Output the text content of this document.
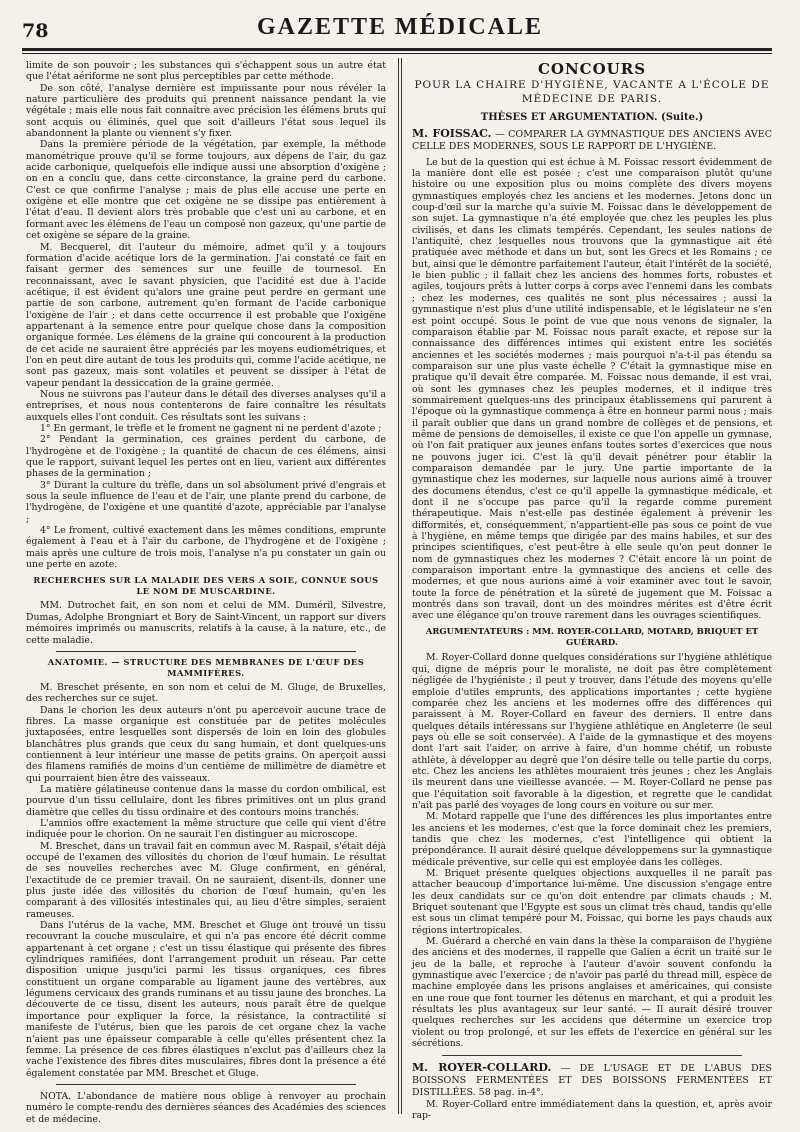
78	GAZETTE MÉDICALE

limite de son pouvoir ; les substances qui s'échappent sous un autre état que l'état aériforme ne sont plus perceptibles par cette méthode.

De son côté, l'analyse dernière est impuissante pour nous révéler la nature particulière des produits qui prennent naissance pendant la vie végétale ; mais elle nous fait connaître avec précision les élémens bruts qui sont acquis ou éliminés, quel que soit d'ailleurs l'état sous lequel ils abandonnent la plante ou viennent s'y fixer.

Dans la première période de la végétation, par exemple, la méthode manométrique prouve qu'il se forme toujours, aux dépens de l'air, du gaz acide carbonique, quelquefois elle indique aussi une absorption d'oxigène ; on en a conclu que, dans cette circonstance, la graine perd du carbone. C'est ce que confirme l'analyse ; mais de plus elle accuse une perte en oxigène et elle montre que cet oxigène ne se dissipe pas entièrement à l'état d'eau. Il devient alors très probable que c'est uni au carbone, et en formant avec les élémens de l'eau un composé non gazeux, qu'une partie de cet oxigène se sépare de la graine.

M. Becquerel, dit l'auteur du mémoire, admet qu'il y a toujours formation d'acide acétique lors de la germination. J'ai constaté ce fait en faisant germer des semences sur une feuille de tournesol. En reconnaissant, avec le savant physicien, que l'acidité est due à l'acide acétique, il est évident qu'alors une graine peut perdre en germant une partie de son carbone, autrement qu'en formant de l'acide carbonique l'oxigène de l'air ; et dans cette occurrence il est probable que l'oxigène appartenant à la semence entre pour quelque chose dans la composition organique formée. Les élémens de la graine qui concourent à la production de cet acide ne sauraient être appréciés par les moyens eudiométriques, et l'on en peut dire autant de tous les produits qui, comme l'acide acétique, ne sont pas gazeux, mais sont volatiles et peuvent se dissiper à l'état de vapeur pendant la dessiccation de la graine germée.

Nous ne suivrons pas l'auteur dans le détail des diverses analyses qu'il a entreprises, et nous nous contenterons de faire connaître les résultats auxquels elles l'ont conduit. Ces résultats sont les suivans :

1° En germant, le trèfle et le froment ne gagnent ni ne perdent d'azote ;

2° Pendant la germination, ces graines perdent du carbone, de l'hydrogène et de l'oxigène ; la quantité de chacun de ces élémens, ainsi que le rapport, suivant lequel les pertes ont en lieu, varient aux différentes phases de la germination ;

3° Durant la culture du trèfle, dans un sol absolument privé d'engrais et sous la seule influence de l'eau et de l'air, une plante prend du carbone, de l'hydrogène, de l'oxigène et une quantité d'azote, appréciable par l'analyse ;

4° Le froment, cultivé exactement dans les mêmes conditions, emprunte également à l'eau et à l'air du carbone, de l'hydrogène et de l'oxigène ; mais après une culture de trois mois, l'analyse n'a pu constater un gain ou une perte en azote.

RECHERCHES SUR LA MALADIE DES VERS A SOIE, CONNUE SOUS LE NOM DE MUSCARDINE.

MM. Dutrochet fait, en son nom et celui de MM. Duméril, Silvestre, Dumas, Adolphe Brongniart et Bory de Saint-Vincent, un rapport sur divers mémoires imprimés ou manuscrits, relatifs à la cause, à la nature, etc., de cette maladie.

ANATOMIE. — STRUCTURE DES MEMBRANES DE L'ŒUF DES MAMMIFÈRES.

M. Breschet présente, en son nom et celui de M. Gluge, de Bruxelles, des recherches sur ce sujet.

Dans le chorion les deux auteurs n'ont pu apercevoir aucune trace de fibres. La masse organique est constituée par de petites molécules juxtaposées, entre lesquelles sont dispersés de loin en loin des globules blanchâtres plus grands que ceux du sang humain, et dont quelques-uns contiennent à leur intérieur une masse de petits grains. On aperçoit aussi des filamens ramifiés de moins d'un centième de millimètre de diamètre et qui pourraient bien être des vaisseaux.

La matière gélatineuse contenue dans la masse du cordon ombilical, est pourvue d'un tissu cellulaire, dont les fibres primitives ont un plus grand diamètre que celles du tissu ordinaire et des contours moins tranchés.

L'amnios offre exactement la même structure que celle qui vient d'être indiquée pour le chorion. On ne saurait l'en distinguer au microscope.

M. Breschet, dans un travail fait en commun avec M. Raspail, s'était déjà occupé de l'examen des villosités du chorion de l'œuf humain. Le résultat de ses nouvelles recherches avec M. Gluge confirment, en général, l'exactitude de ce premier travail. On ne sauraient, disent-ils, donner une plus juste idée des villosités du chorion de l'œuf humain, qu'en les comparant à des villosités intestinales qui, au lieu d'être simples, seraient rameuses.

Dans l'utérus de la vache, MM. Breschet et Gluge ont trouvé un tissu recouvrant la couche musculaire, et qui n'a pas encore été décrit comme appartenant à cet organe ; c'est un tissu élastique qui présente des fibres cylindriques ramifiées, dont l'arrangement produit un réseau. Par cette disposition unique jusqu'ici parmi les tissus organiques, ces fibres constituent un organe comparable au ligament jaune des vertèbres, aux légumens cervicaux des grands ruminans et au tissu jaune des bronches. La découverte de ce tissu, disent les auteurs, nous paraît être de quelque importance pour expliquer la force, la résistance, la contractilité si manifeste de l'utérus, bien que les parois de cet organe chez la vache n'aient pas une épaisseur comparable à celle qu'elles présentent chez la femme. La présence de ces fibres élastiques n'exclut pas d'ailleurs chez la vache l'existence des fibres dites musculaires, fibres dont la présence a été également constatée par MM. Breschet et Gluge.

NOTA. L'abondance de matière nous oblige à renvoyer au prochain numéro le compte-rendu des dernières séances des Académies des sciences et de médecine.

CONCOURS
POUR LA CHAIRE D'HYGIÈNE, VACANTE A L'ÉCOLE DE MÉDECINE DE PARIS.
THÈSES ET ARGUMENTATION. (Suite.)
M. FOISSAC. — COMPARER LA GYMNASTIQUE DES ANCIENS AVEC CELLE DES MODERNES, SOUS LE RAPPORT DE L'HYGIÈNE.

Le but de la question qui est échue à M. Foissac ressort évidemment de la manière dont elle est posée ; c'est une comparaison plutôt qu'une histoire ou une exposition plus ou moins complète des divers moyens gymnastiques employés chez les anciens et les modernes. Jetons donc un coup-d'œil sur la marche qu'a suivie M. Foissac dans le développement de son sujet. La gymnastique n'a été employée que chez les peuples les plus civilisés, et dans les climats tempérés. Cependant, les seules nations de l'antiquité, chez lesquelles nous trouvons que la gymnastique ait été pratiquée avec méthode et dans un but, sont les Grecs et les Romains ; ce but, ainsi que le démontre parfaitement l'auteur, était l'intérêt de la société, le bien public ; il fallait chez les anciens des hommes forts, robustes et agiles, toujours prêts à lutter corps à corps avec l'ennemi dans les combats ; chez les modernes, ces qualités ne sont plus nécessaires ; aussi la gymnastique n'est plus d'une utilité indispensable, et le législateur ne s'en est point occupé. Sous le point de vue que nous venons de signaler, la comparaison établie par M. Foissac nous paraît exacte, et repose sur la connaissance des différences intimes qui existent entre les sociétés anciennes et les sociétés modernes ; mais pourquoi n'a-t-il pas étendu sa comparaison sur une plus vaste échelle ? C'était la gymnastique mise en pratique qu'il devait être comparée. M. Foissac nous demande, il est vrai, où sont les gymnases chez les peuples modernes, et il indique très sommairement quelques-uns des principaux établissemens qui parurent à l'époque où la gymnastique commença à être en honneur parmi nous ; mais il paraît oublier que dans un grand nombre de collèges et de pensions, et même de pensions de demoiselles, il existe ce que l'on appelle un gymnase, où l'on fait pratiquer aux jeunes enfans toutes sortes d'exercices que nous ne pouvons juger ici. C'est là qu'il devait pénétrer pour établir la comparaison demandée par le jury. Une partie importante de la gymnastique chez les modernes, sur laquelle nous aurions aimé à trouver des documens étendus, c'est ce qu'il appelle la gymnastique médicale, et dont il ne s'occupe pas parce qu'il la regarde comme purement thérapeutique. Mais n'est-elle pas destinée également à prévenir les difformités, et, conséquemment, n'appartient-elle pas sous ce point de vue à l'hygiène, en même temps que dirigée par des mains habiles, et sur des principes scientifiques, c'est peut-être à elle seule qu'on peut donner le nom de gymnastiques chez les modernes ? C'était encore là un point de comparaison important entre la gymnastique des anciens et celle des modernes, et que nous aurions aimé à voir examiner avec tout le savoir, toute la force de pénétration et la sûreté de jugement que M. Foissac a montrés dans son travail, dont un des moindres mérites est d'être écrit avec une élégance qu'on trouve rarement dans les ouvrages scientifiques.

ARGUMENTATEURS : MM. ROYER-COLLARD, MOTARD, BRIQUET ET GUÉRARD.

M. Royer-Collard donne quelques considérations sur l'hygiène athlétique qui, digne de mépris pour le moraliste, ne doit pas être complètement négligée de l'hygiéniste ; il peut y trouver, dans l'étude des moyens qu'elle emploie d'utiles emprunts, des applications importantes ; cette hygiène comparée chez les anciens et les modernes offre des différences qui paraissent à M. Royer-Collard en faveur des derniers. Il entre dans quelques détails intéressans sur l'hygiène athlétique en Angleterre (le seul pays où elle se soit conservée). A l'aide de la gymnastique et des moyens dont l'art sait l'aider, on arrive à faire, d'un homme chétif, un robuste athlète, à développer au degré que l'on désire telle ou telle partie du corps, etc. Chez les anciens les athlètes mouraient très jeunes ; chez les Anglais ils meurent dans une vieillesse avancée. — M. Royer-Collard ne pense pas que l'équitation soit favorable à la digestion, et regrette que le candidat n'ait pas parlé des voyages de long cours en voiture ou sur mer.

M. Motard rappelle que l'une des différences les plus importantes entre les anciens et les modernes, c'est que la force dominait chez les premiers, tandis que chez les modernes, c'est l'intelligence qui obtient la prépondérance. Il aurait désiré quelque développemens sur la gymnastique médicale préventive, sur celle qui est employée dans les collèges.

M. Briquet présente quelques objections auxquelles il ne paraît pas attacher beaucoup d'importance lui-même. Une discussion s'engage entre les deux candidats sur ce qu'on doit entendre par climats chauds ; M. Briquet soutenant que l'Egypte est sous un climat très chaud, tandis qu'elle est sous un climat tempéré pour M. Foissac, qui borne les pays chauds aux régions intertropicales.

M. Guérard a cherché en vain dans la thèse la comparaison de l'hygiène des anciens et des modernes, il rappelle que Galien a écrit un traité sur le jeu de la balle, et reproche à l'auteur d'avoir souvent confondu la gymnastique avec l'exercice ; de n'avoir pas parlé du thread mill, espèce de machine employée dans les prisons anglaises et américaines, qui consiste en une roue que font tourner les détenus en marchant, et qui a produit les résultats les plus avantageux sur leur santé. — Il aurait désiré trouver quelques recherches sur les accidens que détermine un exercice trop violent ou trop prolongé, et sur les effets de l'exercice en général sur les sécrétions.

M. ROYER-COLLARD. — DE L'USAGE ET DE L'ABUS DES BOISSONS FERMENTÉES ET DES BOISSONS FERMENTÉES ET DISTILLÉES. 58 pag. in-4°.

M. Royer-Collard entre immédiatement dans la question, et, après avoir rap-
